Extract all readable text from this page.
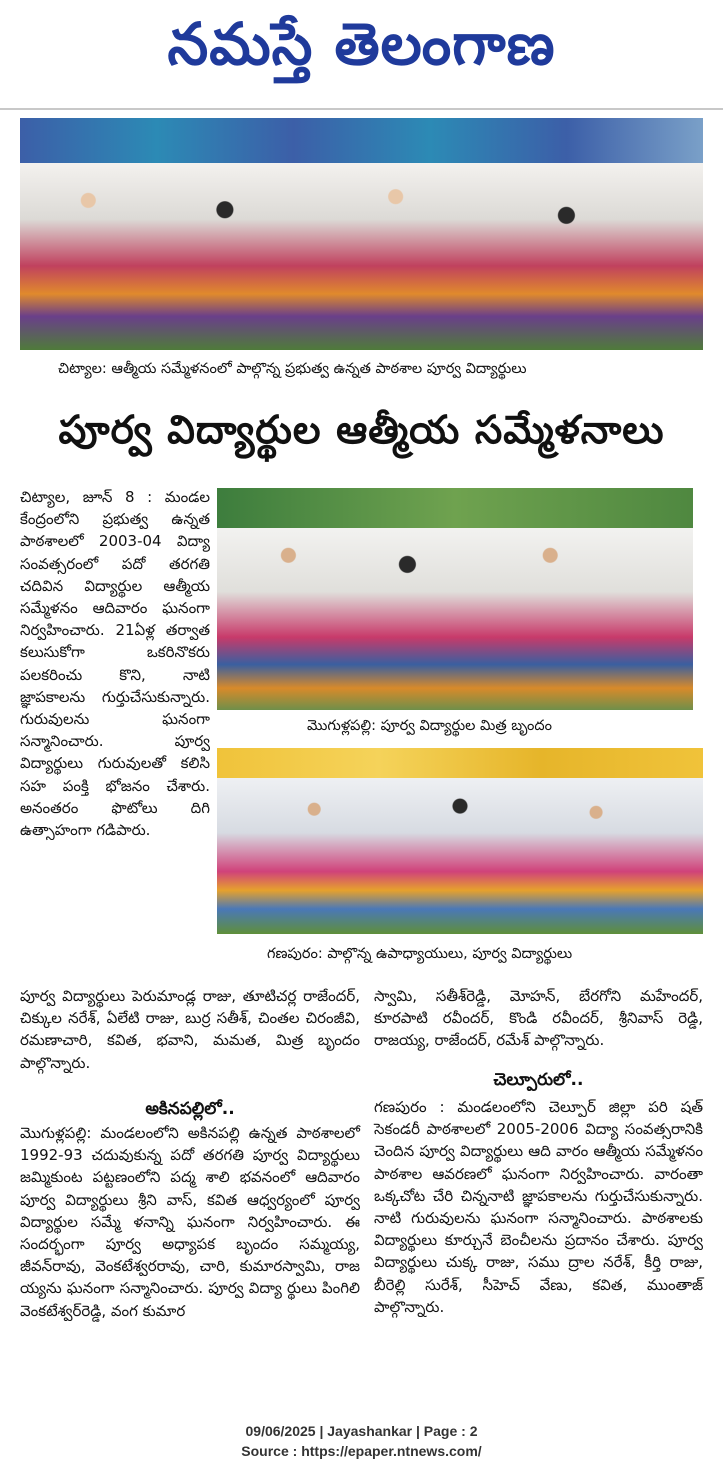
నమస్తే తెలంగాణ
చిట్యాల: ఆత్మీయ సమ్మేళనంలో పాల్గొన్న ప్రభుత్వ ఉన్నత పాఠశాల పూర్వ విద్యార్థులు
పూర్వ విద్యార్థుల ఆత్మీయ సమ్మేళనాలు

చిట్యాల, జూన్ 8 : మండల కేంద్రంలోని ప్రభుత్వ ఉన్నత పాఠశాలలో 2003-04 విద్యా సంవత్సరంలో పదో తరగతి చదివిన విద్యార్థుల ఆత్మీయ సమ్మేళనం ఆదివారం ఘనంగా నిర్వహించారు. 21ఏళ్ల తర్వాత కలుసుకోగా ఒకరినొకరు పలకరించు కొని, నాటి జ్ఞాపకాలను గుర్తుచేసుకున్నారు. గురువులను ఘనంగా సన్మానించారు. పూర్వ విద్యార్థులు గురువులతో కలిసి సహ పంక్తి భోజనం చేశారు. అనంతరం ఫొటోలు దిగి ఉత్సాహంగా గడిపారు.

మొగుళ్లపల్లి: పూర్వ విద్యార్థుల మిత్ర బృందం
గణపురం: పాల్గొన్న ఉపాధ్యాయులు, పూర్వ విద్యార్థులు

పూర్వ విద్యార్థులు పెరుమాండ్ల రాజు, తూటిచర్ల రాజేందర్, చిక్కుల నరేశ్, ఏలేటి రాజు, బుర్ర సతీశ్, చింతల చిరంజీవి, రమణాచారి, కవిత, భవాని, మమత, మిత్ర బృందం పాల్గొన్నారు.

అకినపల్లిలో..

మొగుళ్లపల్లి: మండలంలోని అకినపల్లి ఉన్నత పాఠశాలలో 1992-93 చదువుకున్న పదో తరగతి పూర్వ విద్యార్థులు జమ్మికుంట పట్టణంలోని పద్మ శాలి భవనంలో ఆదివారం పూర్వ విద్యార్థులు శ్రీని వాస్, కవిత ఆధ్వర్యంలో పూర్వ విద్యార్థుల సమ్మే ళనాన్ని ఘనంగా నిర్వహించారు. ఈ సందర్భంగా పూర్వ అధ్యాపక బృందం సమ్మయ్య, జీవన్‌రావు, వెంకటేశ్వరరావు, చారి, కుమారస్వామి, రాజ య్యను ఘనంగా సన్మానించారు. పూర్వ విద్యా ర్థులు పింగిలి వెంకటేశ్వర్‌రెడ్డి, వంగ కుమార

స్వామి, సతీశ్‌రెడ్డి, మోహన్, బేరగోని మహేందర్, కూరపాటి రవీందర్, కొండి రవీందర్, శ్రీనివాస్ రెడ్డి, రాజయ్య, రాజేందర్, రమేశ్ పాల్గొన్నారు.

చెల్పూరులో..

గణపురం : మండలంలోని చెల్పూర్ జిల్లా పరి షత్ సెకండరీ పాఠశాలలో 2005-2006 విద్యా సంవత్సరానికి చెందిన పూర్వ విద్యార్థులు ఆది వారం ఆత్మీయ సమ్మేళనం పాఠశాల ఆవరణలో ఘనంగా నిర్వహించారు. వారంతా ఒక్కచోట చేరి చిన్ననాటి జ్ఞాపకాలను గుర్తుచేసుకున్నారు. నాటి గురువులను ఘనంగా సన్మానించారు. పాఠశాలకు విద్యార్థులు కూర్చునే బెంచీలను ప్రదానం చేశారు. పూర్వ విద్యార్థులు చుక్క రాజు, సము ద్రాల నరేశ్, కీర్తి రాజు, బీరెల్లి సురేశ్, సీహెచ్ వేణు, కవిత, ముంతాజ్ పాల్గొన్నారు.

09/06/2025 | Jayashankar | Page : 2
Source : https://epaper.ntnews.com/
